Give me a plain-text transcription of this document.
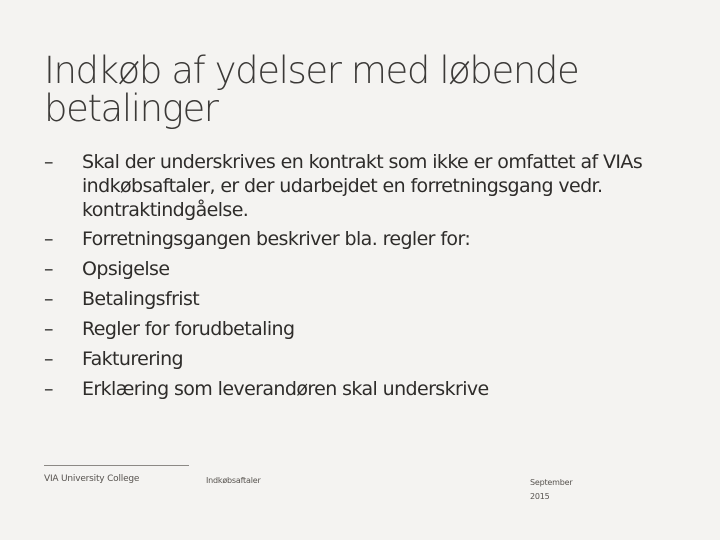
Indkøb af ydelser med løbende betalinger
–	Skal der underskrives en kontrakt som ikke er omfattet af VIAs indkøbsaftaler, er der udarbejdet en forretningsgang vedr. kontraktindgåelse.
–	Forretningsgangen beskriver bla. regler for:
–	Opsigelse
–	Betalingsfrist
–	Regler for forudbetaling
–	Fakturering
–	Erklæring som leverandøren skal underskrive
VIA University College	Indkøbsaftaler	September
2015
